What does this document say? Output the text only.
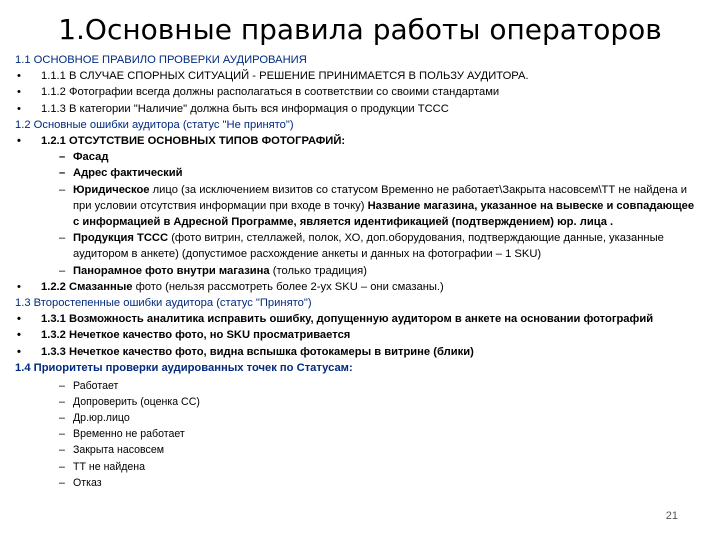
1.Основные правила работы операторов
1.1 ОСНОВНОЕ ПРАВИЛО ПРОВЕРКИ АУДИРОВАНИЯ
• 1.1.1 В СЛУЧАЕ СПОРНЫХ СИТУАЦИЙ - РЕШЕНИЕ ПРИНИМАЕТСЯ В ПОЛЬЗУ АУДИТОРА.
• 1.1.2 Фотографии всегда должны располагаться в соответствии со своими стандартами
• 1.1.3 В категории "Наличие" должна быть вся информация о продукции ТССС
1.2 Основные ошибки аудитора (статус "Не принято")
• 1.2.1 ОТСУТСТВИЕ ОСНОВНЫХ ТИПОВ ФОТОГРАФИЙ:
– Фасад
– Адрес фактический
– Юридическое лицо (за исключением визитов со статусом Временно не работает\Закрыта насовсем\ТТ не найдена и при условии отсутствия информации при входе в точку) Название магазина, указанное на вывеске и совпадающее с информацией в Адресной Программе, является идентификацией (подтверждением) юр. лица .
– Продукция ТССС (фото витрин, стеллажей, полок, ХО, доп.оборудования, подтверждающие данные, указанные аудитором в анкете) (допустимое расхождение анкеты и данных на фотографии – 1 SKU)
– Панорамное фото внутри магазина (только традиция)
• 1.2.2 Смазанные фото (нельзя рассмотреть более 2-ух SKU – они смазаны.)
1.3 Второстепенные ошибки аудитора (статус "Принято")
• 1.3.1 Возможность аналитика исправить ошибку, допущенную аудитором в анкете на основании фотографий
• 1.3.2 Нечеткое качество фото, но SKU просматривается
• 1.3.3 Нечеткое качество фото, видна вспышка фотокамеры в витрине (блики)
1.4 Приоритеты проверки аудированных точек по Статусам:
– Работает
– Допроверить (оценка СС)
– Др.юр.лицо
– Временно не работает
– Закрыта насовсем
– ТТ не найдена
– Отказ
21
